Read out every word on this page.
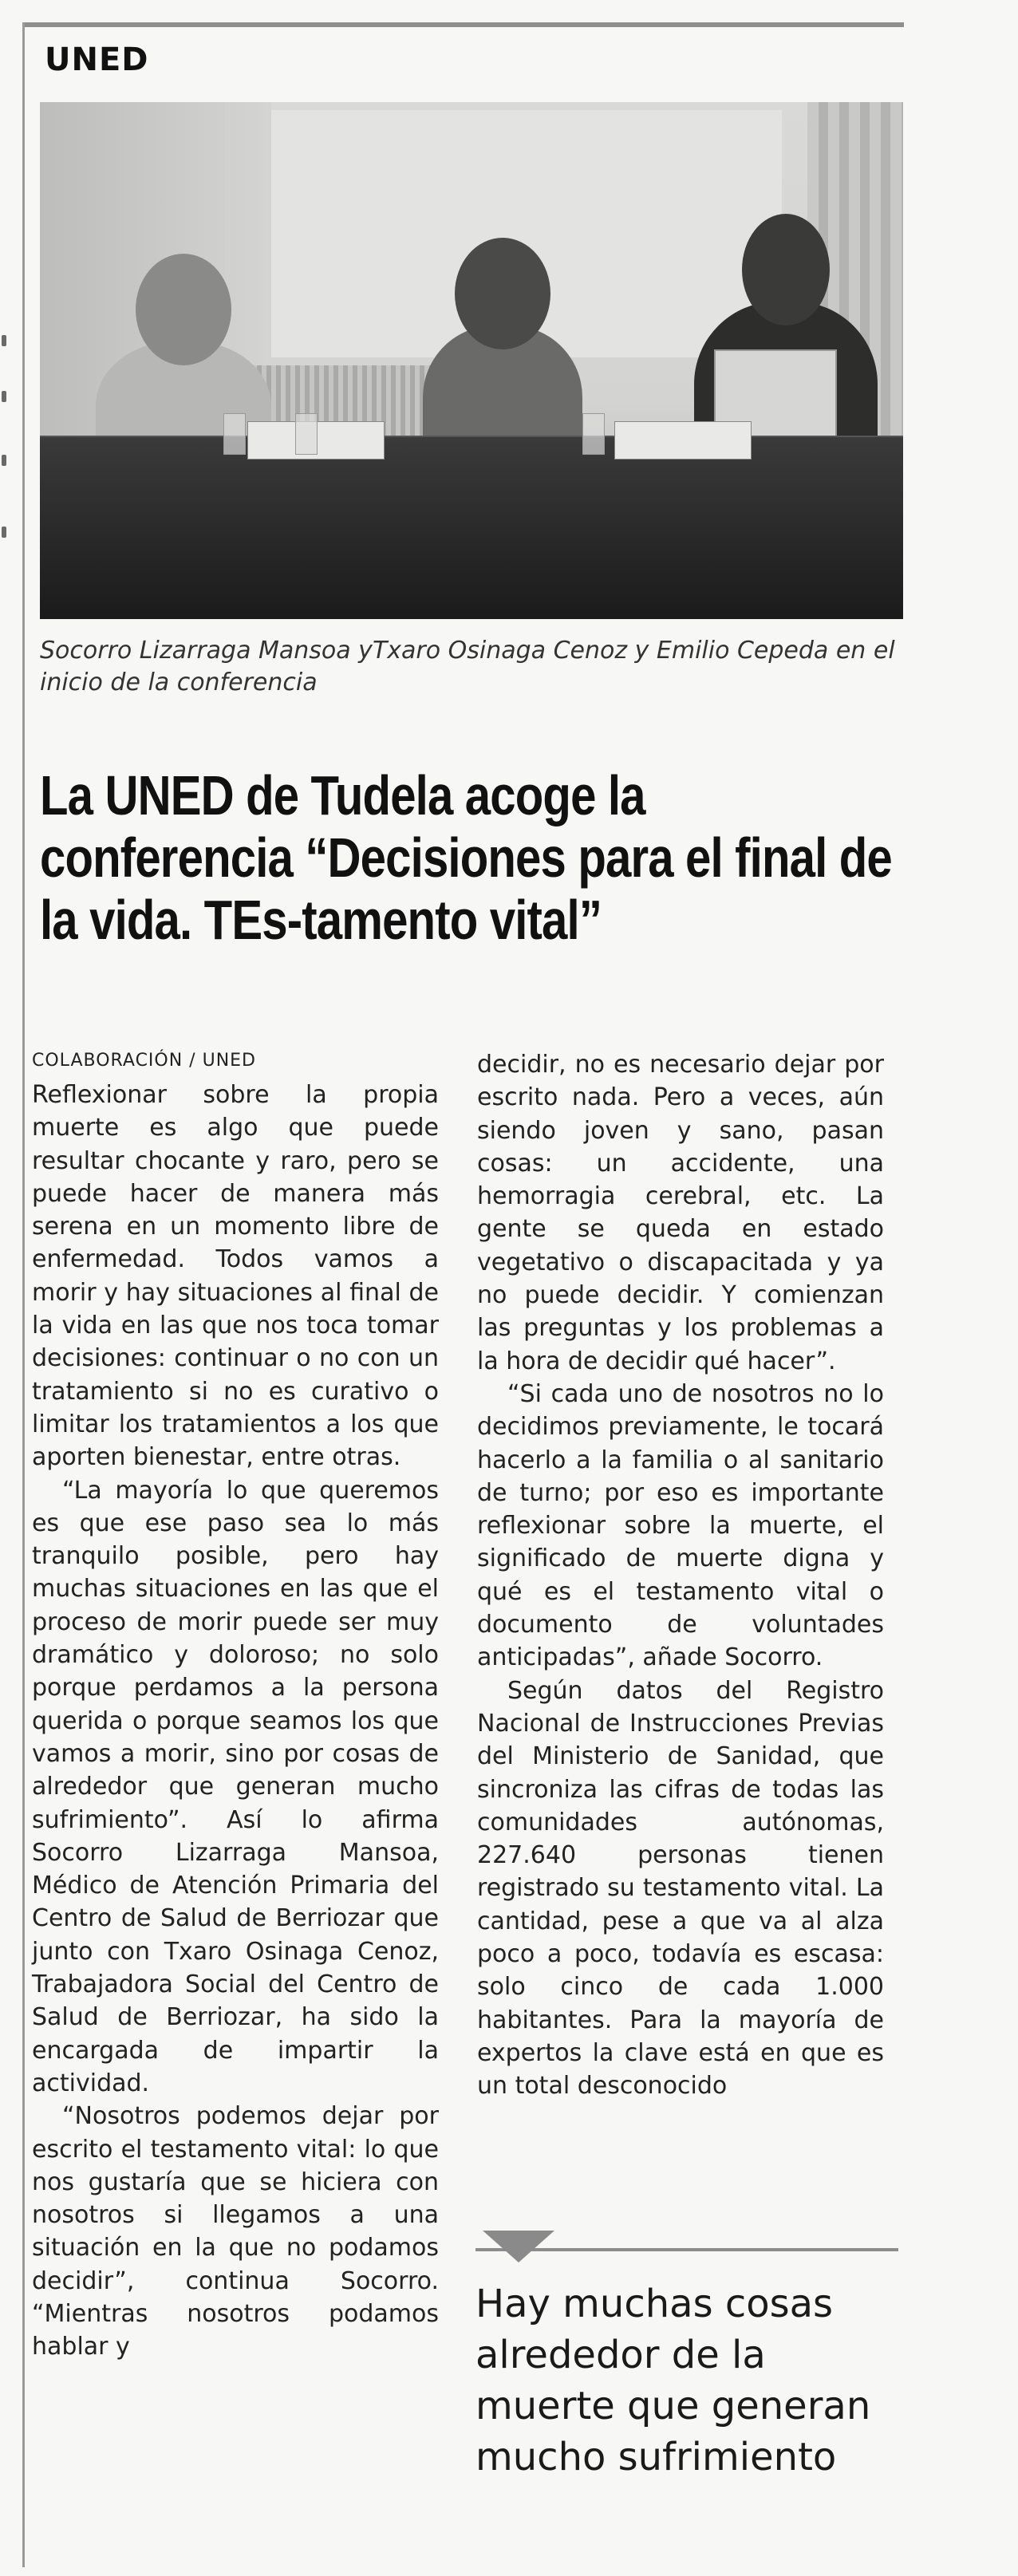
UNED
Socorro Lizarraga Mansoa yTxaro Osinaga Cenoz y Emilio Cepeda en el inicio de la conferencia
La UNED de Tudela acoge la conferencia “Decisiones para el final de la vida. TEs-tamento vital”

COLABORACIÓN / UNED

Reflexionar sobre la propia muerte es algo que puede resultar chocante y raro, pero se puede hacer de manera más serena en un momento libre de enfermedad. Todos vamos a morir y hay situaciones al final de la vida en las que nos toca tomar decisiones: continuar o no con un tratamiento si no es curativo o limitar los tratamientos a los que aporten bienestar, entre otras.

“La mayoría lo que queremos es que ese paso sea lo más tranquilo posible, pero hay muchas situaciones en las que el proceso de morir puede ser muy dramático y doloroso; no solo porque perdamos a la persona querida o porque seamos los que vamos a morir, sino por cosas de alrededor que generan mucho sufrimiento”. Así lo afirma Socorro Lizarraga Mansoa, Médico de Atención Primaria del Centro de Salud de Berriozar que junto con Txaro Osinaga Cenoz, Trabajadora Social del Centro de Salud de Berriozar, ha sido la encargada de impartir la actividad.

“Nosotros podemos dejar por escrito el testamento vital: lo que nos gustaría que se hiciera con nosotros si llegamos a una situación en la que no podamos decidir”, continua Socorro. “Mientras nosotros podamos hablar y

decidir, no es necesario dejar por escrito nada. Pero a veces, aún siendo joven y sano, pasan cosas: un accidente, una hemorragia cerebral, etc. La gente se queda en estado vegetativo o discapacitada y ya no puede decidir. Y comienzan las preguntas y los problemas a la hora de decidir qué hacer”.

“Si cada uno de nosotros no lo decidimos previamente, le tocará hacerlo a la familia o al sanitario de turno; por eso es importante reflexionar sobre la muerte, el significado de muerte digna y qué es el testamento vital o documento de voluntades anticipadas”, añade Socorro.

Según datos del Registro Nacional de Instrucciones Previas del Ministerio de Sanidad, que sincroniza las cifras de todas las comunidades autónomas, 227.640 personas tienen registrado su testamento vital. La cantidad, pese a que va al alza poco a poco, todavía es escasa: solo cinco de cada 1.000 habitantes. Para la mayoría de expertos la clave está en que es un total desconocido

Hay muchas cosas alrededor de la muerte que generan mucho sufrimiento
